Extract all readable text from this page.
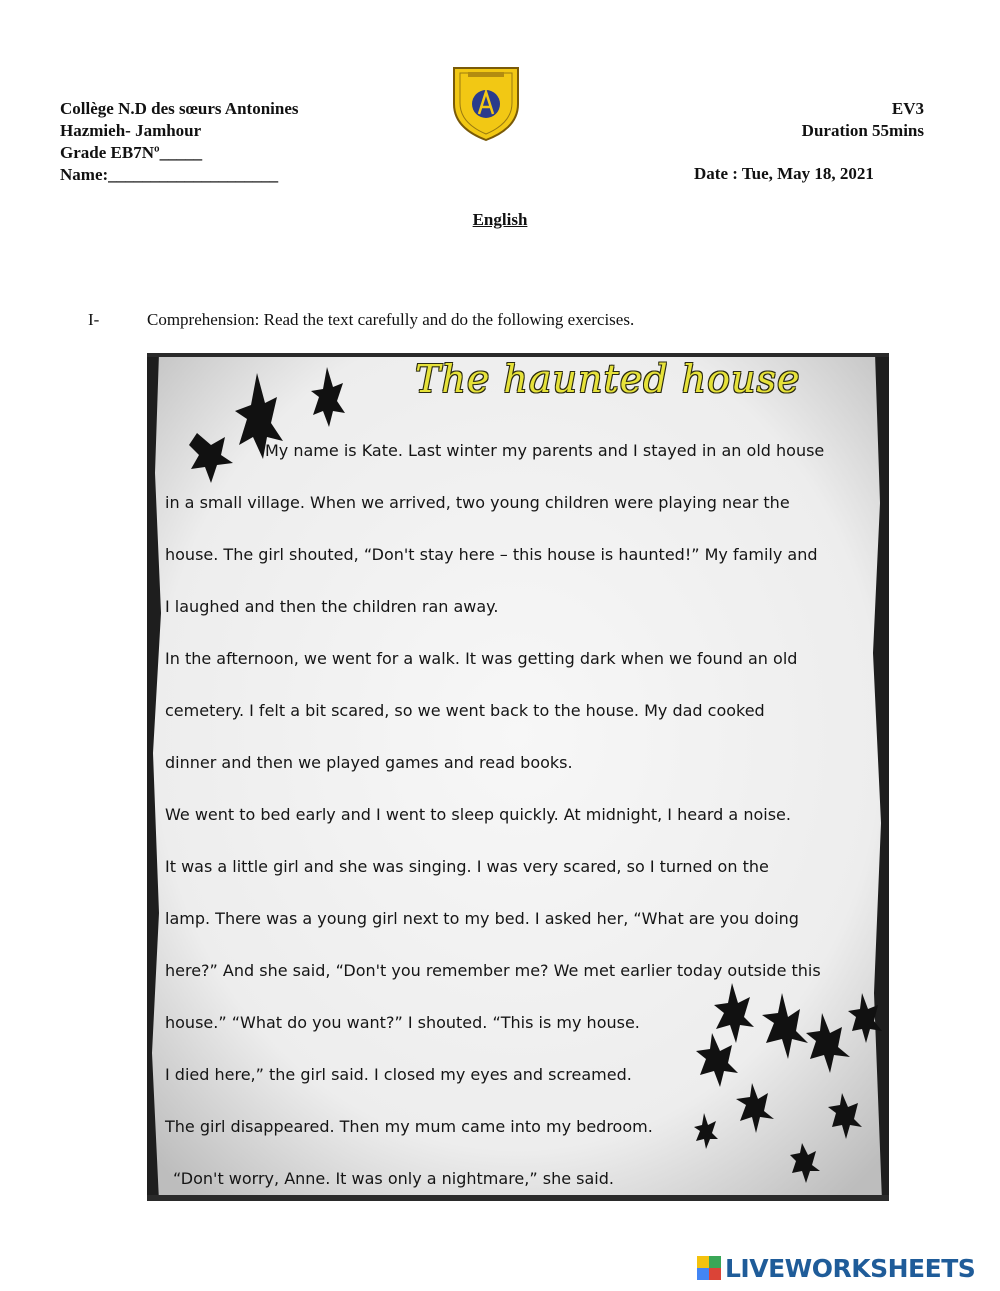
Collège N.D des sœurs Antonines
Hazmieh- Jamhour
Grade EB7Nº_____
Name:____________________
EV3
Duration 55mins
Date : Tue, May 18, 2021
English
I-	Comprehension: Read the text carefully and do the following exercises.
The haunted house
My name is Kate. Last winter my parents and I stayed in an old house
in a small village. When we arrived, two young children were playing near the
house. The girl shouted, “Don't stay here – this house is haunted!” My family and
I laughed and then the children ran away.
In the afternoon, we went for a walk. It was getting dark when we found an old
cemetery. I felt a bit scared, so we went back to the house. My dad cooked
dinner and then we played games and read books.
We went to bed early and I went to sleep quickly. At midnight, I heard a noise.
It was a little girl and she was singing. I was very scared, so I turned on the
lamp. There was a young girl next to my bed. I asked her, “What are you doing
here?” And she said, “Don't you remember me? We met earlier today outside this
house.” “What do you want?” I shouted. “This is my house.
I died here,” the girl said. I closed my eyes and screamed.
The girl disappeared. Then my mum came into my bedroom.
“Don't worry, Anne. It was only a nightmare,” she said.
LIVEWORKSHEETS
